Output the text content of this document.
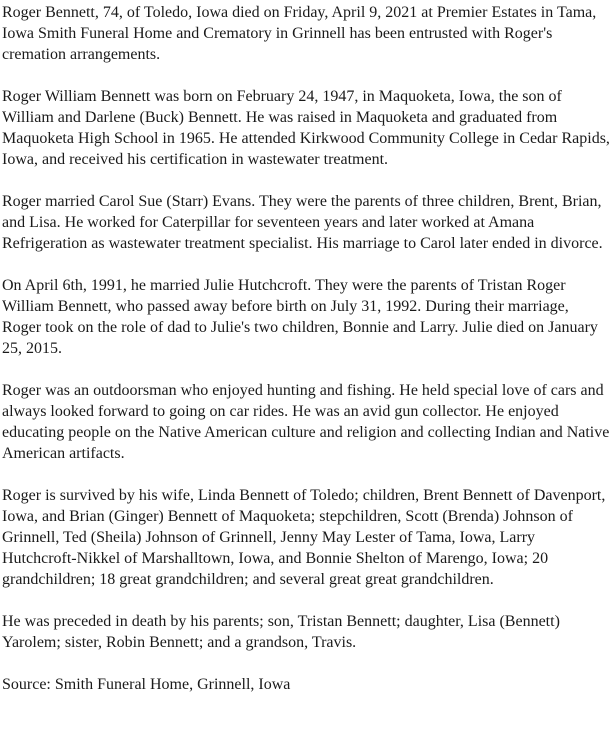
Roger Bennett, 74, of Toledo, Iowa died on Friday, April 9, 2021 at Premier Estates in Tama, Iowa Smith Funeral Home and Crematory in Grinnell has been entrusted with Roger's cremation arrangements.

Roger William Bennett was born on February 24, 1947, in Maquoketa, Iowa, the son of William and Darlene (Buck) Bennett. He was raised in Maquoketa and graduated from Maquoketa High School in 1965. He attended Kirkwood Community College in Cedar Rapids, Iowa, and received his certification in wastewater treatment.

Roger married Carol Sue (Starr) Evans. They were the parents of three children, Brent, Brian, and Lisa. He worked for Caterpillar for seventeen years and later worked at Amana Refrigeration as wastewater treatment specialist. His marriage to Carol later ended in divorce.

On April 6th, 1991, he married Julie Hutchcroft. They were the parents of Tristan Roger William Bennett, who passed away before birth on July 31, 1992. During their marriage, Roger took on the role of dad to Julie's two children, Bonnie and Larry. Julie died on January 25, 2015.

Roger was an outdoorsman who enjoyed hunting and fishing. He held special love of cars and always looked forward to going on car rides. He was an avid gun collector. He enjoyed educating people on the Native American culture and religion and collecting Indian and Native American artifacts.

Roger is survived by his wife, Linda Bennett of Toledo; children, Brent Bennett of Davenport, Iowa, and Brian (Ginger) Bennett of Maquoketa; stepchildren, Scott (Brenda) Johnson of Grinnell, Ted (Sheila) Johnson of Grinnell, Jenny May Lester of Tama, Iowa, Larry Hutchcroft-Nikkel of Marshalltown, Iowa, and Bonnie Shelton of Marengo, Iowa; 20 grandchildren; 18 great grandchildren; and several great great grandchildren.

He was preceded in death by his parents; son, Tristan Bennett; daughter, Lisa (Bennett) Yarolem; sister, Robin Bennett; and a grandson, Travis.

Source: Smith Funeral Home, Grinnell, Iowa
